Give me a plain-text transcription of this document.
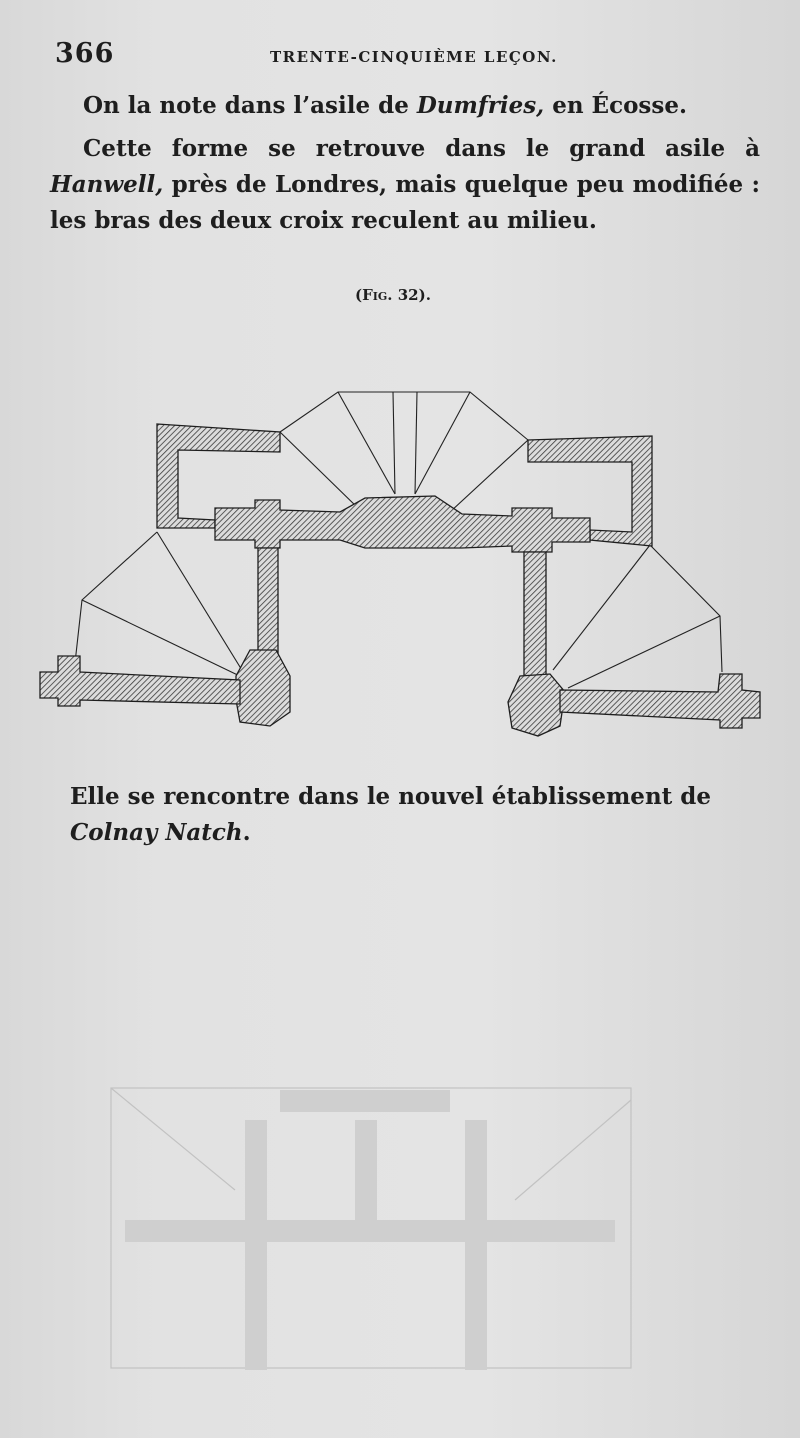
366	TRENTE-CINQUIÈME LEÇON.

On la note dans l’asile de Dumfries, en Écosse.

Cette forme se retrouve dans le grand asile à Hanwell, près de Londres, mais quelque peu modifiée : les bras des deux croix reculent au milieu.

(FIG. 32).

Elle se rencontre dans le nouvel établissement de Colnay Natch.
